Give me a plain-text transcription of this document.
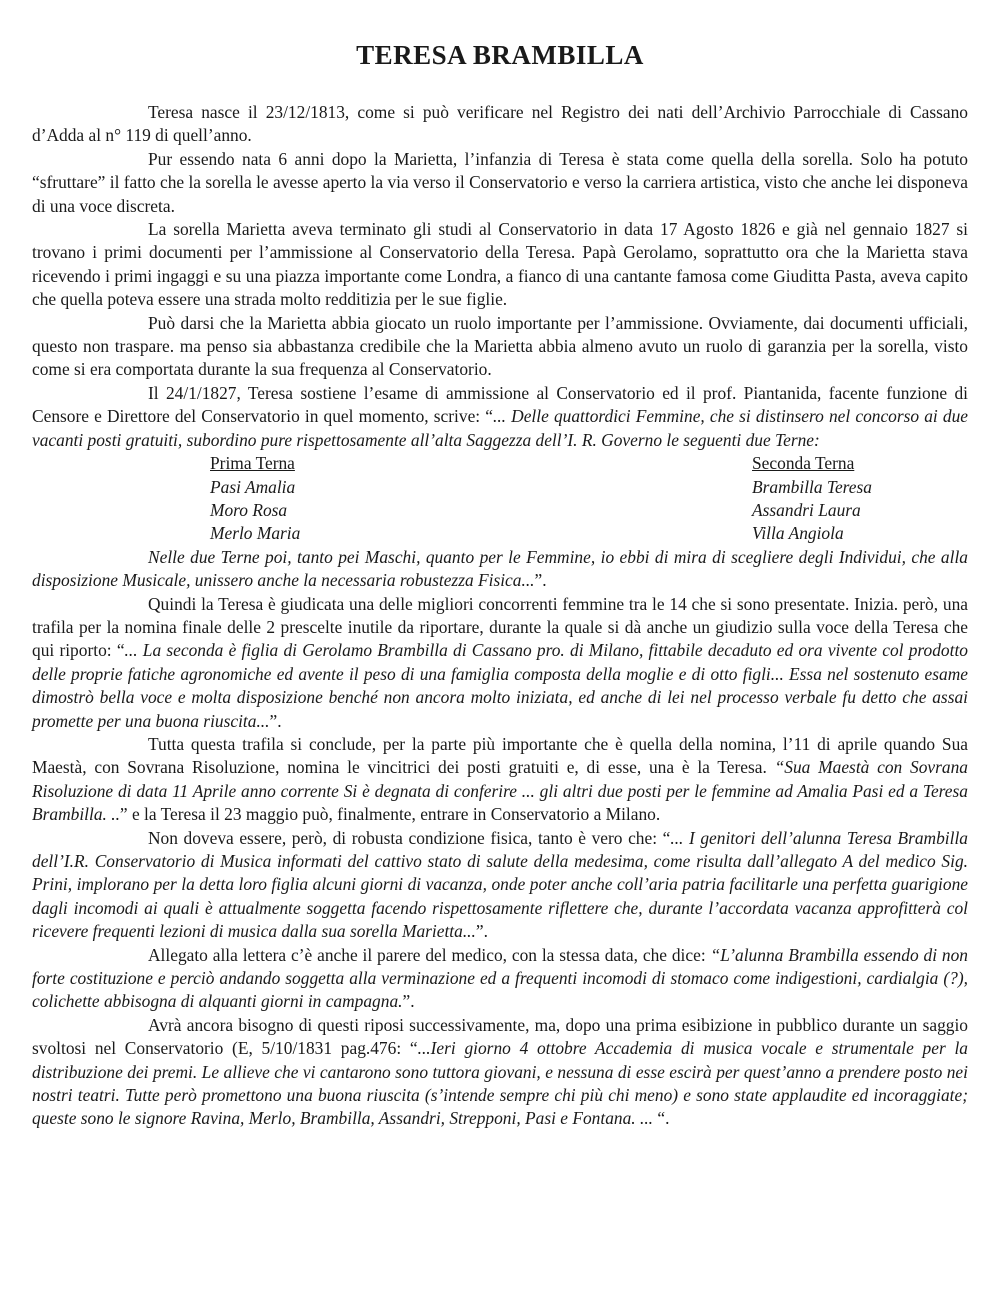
TERESA BRAMBILLA

Teresa nasce il 23/12/1813, come si può verificare nel Registro dei nati dell’Archivio Parrocchiale di Cassano d’Adda al n° 119 di quell’anno.

Pur essendo nata 6 anni dopo la Marietta, l’infanzia di Teresa è stata come quella della sorella. Solo ha potuto “sfruttare” il fatto che la sorella le avesse aperto la via verso il Conservatorio e verso la carriera artistica, visto che anche lei disponeva di una voce discreta.

La sorella Marietta aveva terminato gli studi al Conservatorio in data 17 Agosto 1826 e già nel gennaio 1827 si trovano i primi documenti per l’ammissione al Conservatorio della Teresa. Papà Gerolamo, soprattutto ora che la Marietta stava ricevendo i primi ingaggi e su una piazza importante come Londra, a fianco di una cantante famosa come Giuditta Pasta, aveva capito che quella poteva essere una strada molto redditizia per le sue figlie.

Può darsi che la Marietta abbia giocato un ruolo importante per l’ammissione. Ovviamente, dai documenti ufficiali, questo non traspare. ma penso sia abbastanza credibile che la Marietta abbia almeno avuto un ruolo di garanzia per la sorella, visto come si era comportata durante la sua frequenza al Conservatorio.

Il 24/1/1827, Teresa sostiene l’esame di ammissione al Conservatorio ed il prof. Piantanida, facente funzione di Censore e Direttore del Conservatorio in quel momento, scrive: “... Delle quattordici Femmine, che si distinsero nel concorso ai due vacanti posti gratuiti, subordino pure rispettosamente all’alta Saggezza dell’I. R. Governo le seguenti due Terne:

Prima Terna
Pasi Amalia
Moro Rosa
Merlo Maria
Seconda Terna
Brambilla Teresa
Assandri Laura
Villa Angiola

Nelle due Terne poi, tanto pei Maschi, quanto per le Femmine, io ebbi di mira di scegliere degli Individui, che alla disposizione Musicale, unissero anche la necessaria robustezza Fisica...”.

Quindi la Teresa è giudicata una delle migliori concorrenti femmine tra le 14 che si sono presentate. Inizia. però, una trafila per la nomina finale delle 2 prescelte inutile da riportare, durante la quale si dà anche un giudizio sulla voce della Teresa che qui riporto: “... La seconda è figlia di Gerolamo Brambilla di Cassano pro. di Milano, fittabile decaduto ed ora vivente col prodotto delle proprie fatiche agronomiche ed avente il peso di una famiglia composta della moglie e di otto figli... Essa nel sostenuto esame dimostrò bella voce e molta disposizione benché non ancora molto iniziata, ed anche di lei nel processo verbale fu detto che assai promette per una buona riuscita...”.

Tutta questa trafila si conclude, per la parte più importante che è quella della nomina, l’11 di aprile quando Sua Maestà, con Sovrana Risoluzione, nomina le vincitrici dei posti gratuiti e, di esse, una è la Teresa. “Sua Maestà con Sovrana Risoluzione di data 11 Aprile anno corrente Si è degnata di conferire ... gli altri due posti per le femmine ad Amalia Pasi ed a Teresa Brambilla. ..” e la Teresa il 23 maggio può, finalmente, entrare in Conservatorio a Milano.

Non doveva essere, però, di robusta condizione fisica, tanto è vero che: “... I genitori dell’alunna Teresa Brambilla dell’I.R. Conservatorio di Musica informati del cattivo stato di salute della medesima, come risulta dall’allegato A del medico Sig. Prini, implorano per la detta loro figlia alcuni giorni di vacanza, onde poter anche coll’aria patria facilitarle una perfetta guarigione dagli incomodi ai quali è attualmente soggetta facendo rispettosamente riflettere che, durante l’accordata vacanza approfitterà col ricevere frequenti lezioni di musica dalla sua sorella Marietta...”.

Allegato alla lettera c’è anche il parere del medico, con la stessa data, che dice: “L’alunna Brambilla essendo di non forte costituzione e perciò andando soggetta alla verminazione ed a frequenti incomodi di stomaco come indigestioni, cardialgia (?), colichette abbisogna di alquanti giorni in campagna.”.

Avrà ancora bisogno di questi riposi successivamente, ma, dopo una prima esibizione in pubblico durante un saggio svoltosi nel Conservatorio (E, 5/10/1831 pag.476: “...Ieri giorno 4 ottobre Accademia di musica vocale e strumentale per la distribuzione dei premi. Le allieve che vi cantarono sono tuttora giovani, e nessuna di esse escirà per quest’anno a prendere posto nei nostri teatri. Tutte però promettono una buona riuscita (s’intende sempre chi più chi meno) e sono state applaudite ed incoraggiate; queste sono le signore Ravina, Merlo, Brambilla, Assandri, Strepponi, Pasi e Fontana. ... “.
